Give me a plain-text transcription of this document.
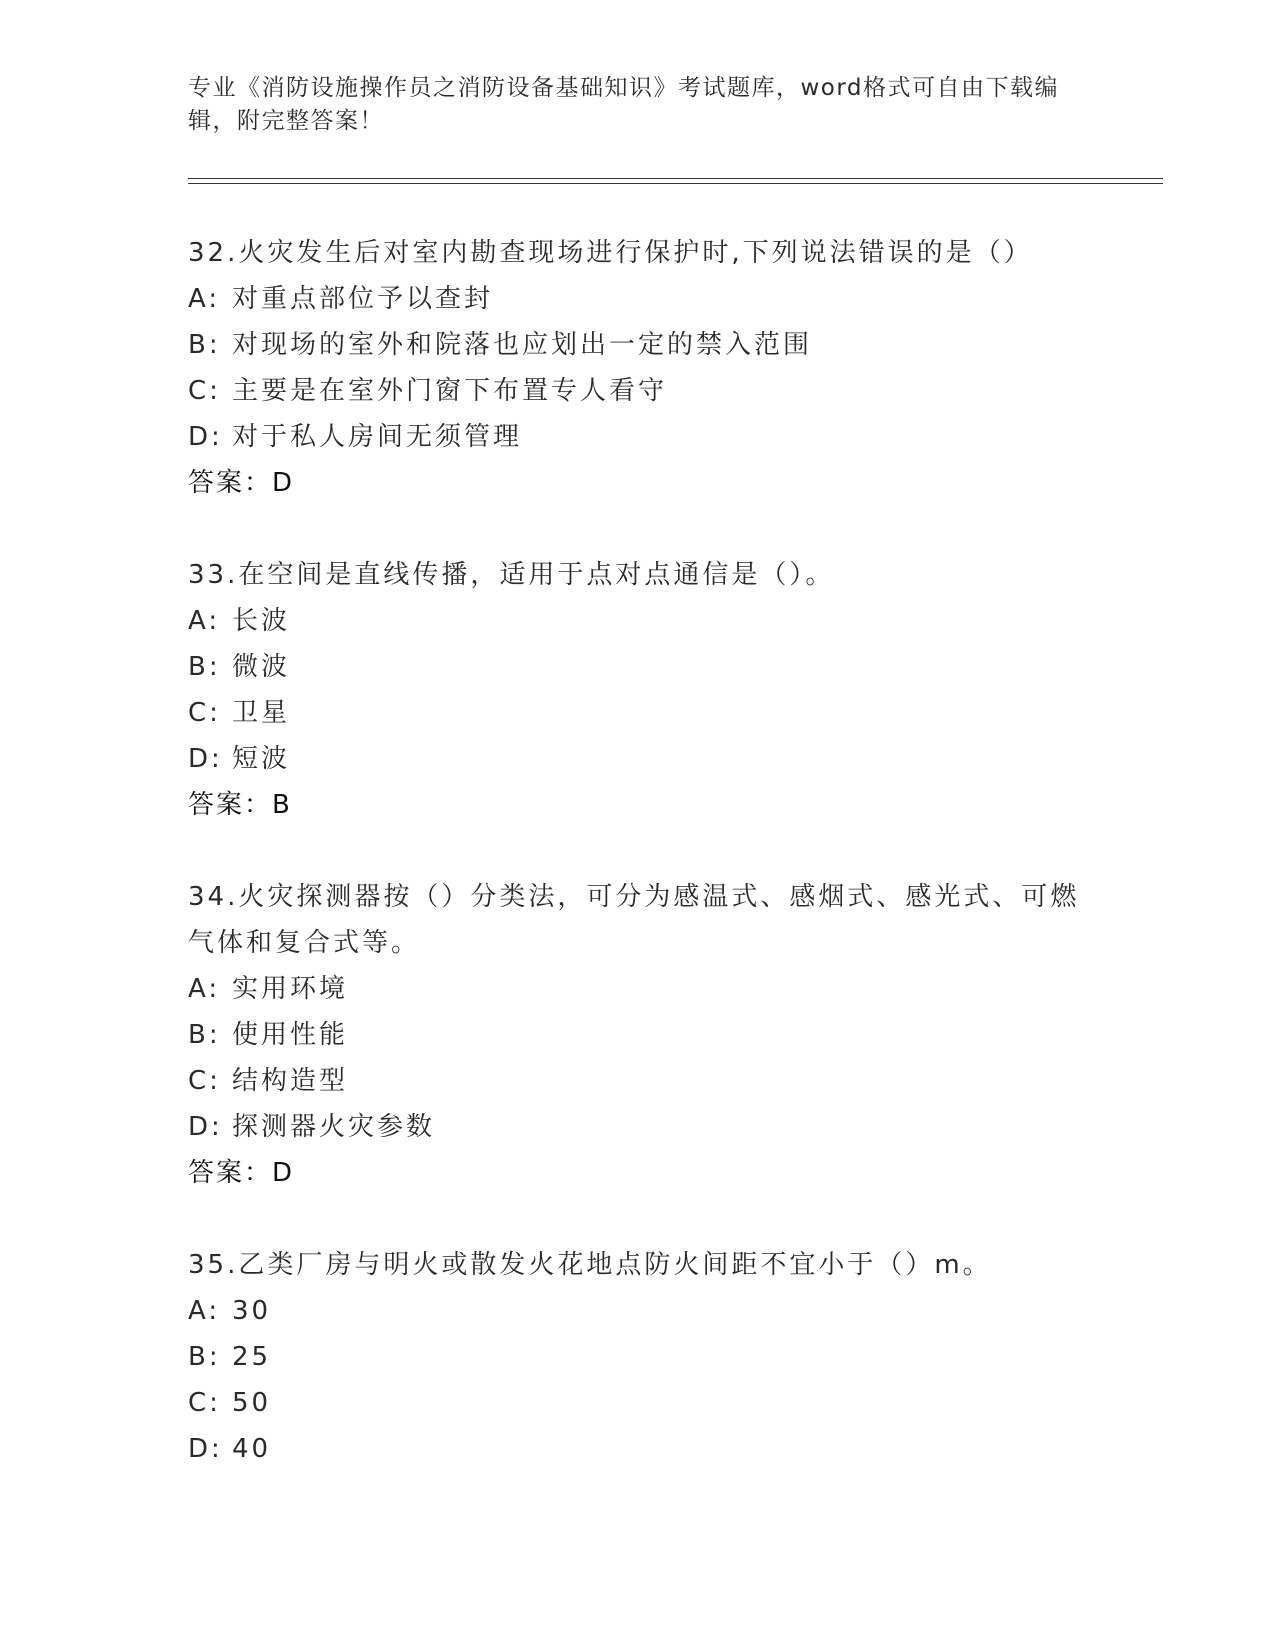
专业《消防设施操作员之消防设备基础知识》考试题库，word格式可自由下载编
辑，附完整答案！
32.火灾发生后对室内勘查现场进行保护时,下列说法错误的是（）
A: 对重点部位予以查封
B: 对现场的室外和院落也应划出一定的禁入范围
C: 主要是在室外门窗下布置专人看守
D: 对于私人房间无须管理
答案：D
33.在空间是直线传播，适用于点对点通信是（）。
A: 长波
B: 微波
C: 卫星
D: 短波
答案：B
34.火灾探测器按（）分类法，可分为感温式、感烟式、感光式、可燃
气体和复合式等。
A: 实用环境
B: 使用性能
C: 结构造型
D: 探测器火灾参数
答案：D
35.乙类厂房与明火或散发火花地点防火间距不宜小于（）m。
A: 30
B: 25
C: 50
D: 40
